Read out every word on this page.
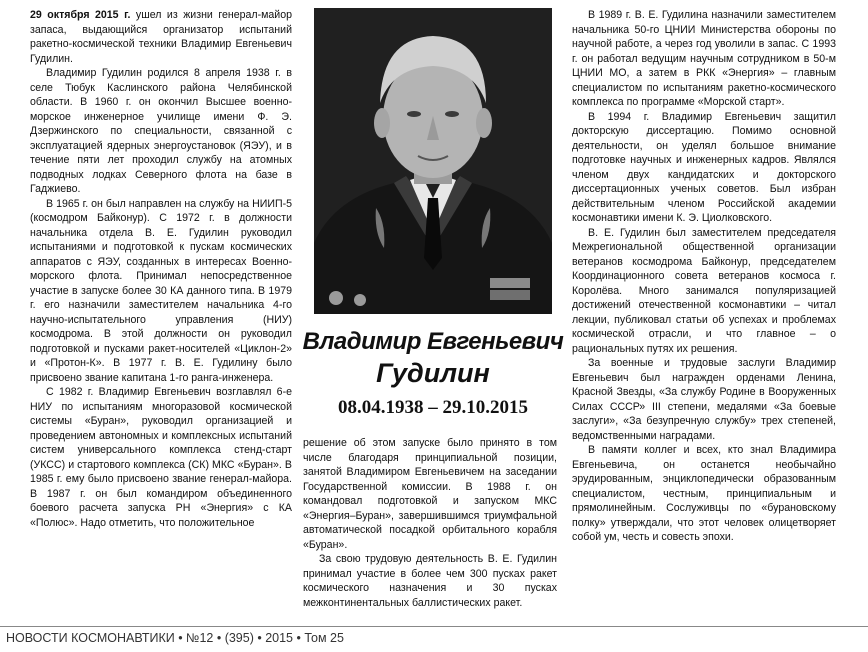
29 октября 2015 г. ушел из жизни генерал-майор запаса, выдающийся организатор испытаний ракетно-космической техники Владимир Евгеньевич Гудилин.

Владимир Гудилин родился 8 апреля 1938 г. в селе Тюбук Каслинского района Челябинской области. В 1960 г. он окончил Высшее военно-морское инженерное училище имени Ф. Э. Дзержинского по специальности, связанной с эксплуатацией ядерных энергоустановок (ЯЭУ), и в течение пяти лет проходил службу на атомных подводных лодках Северного флота на базе в Гаджиево.

В 1965 г. он был направлен на службу на НИИП-5 (космодром Байконур). С 1972 г. в должности начальника отдела В. Е. Гудилин руководил испытаниями и подготовкой к пускам космических аппаратов с ЯЭУ, созданных в интересах Военно-морского флота. Принимал непосредственное участие в запуске более 30 КА данного типа. В 1979 г. его назначили заместителем начальника 4-го научно-испытательного управления (НИУ) космодрома. В этой должности он руководил подготовкой и пусками ракет-носителей «Циклон-2» и «Протон-К». В 1977 г. В. Е. Гудилину было присвоено звание капитана 1-го ранга-инженера.

С 1982 г. Владимир Евгеньевич возглавлял 6-е НИУ по испытаниям многоразовой космической системы «Буран», руководил организацией и проведением автономных и комплексных испытаний систем универсального комплекса стенд-старт (УКСС) и стартового комплекса (СК) МКС «Буран». В 1985 г. ему было присвоено звание генерал-майора. В 1987 г. он был командиром объединенного боевого расчета запуска РН «Энергия» с КА «Полюс». Надо отметить, что положительное

Владимир Евгеньевич
Гудилин
08.04.1938 – 29.10.2015

решение об этом запуске было принято в том числе благодаря принципиальной позиции, занятой Владимиром Евгеньевичем на заседании Государственной комиссии. В 1988 г. он командовал подготовкой и запуском МКС «Энергия–Буран», завершившимся триумфальной автоматической посадкой орбитального корабля «Буран».

За свою трудовую деятельность В. Е. Гудилин принимал участие в более чем 300 пусках ракет космического назначения и 30 пусках межконтинентальных баллистических ракет.

В 1989 г. В. Е. Гудилина назначили заместителем начальника 50-го ЦНИИ Министерства обороны по научной работе, а через год уволили в запас. С 1993 г. он работал ведущим научным сотрудником в 50-м ЦНИИ МО, а затем в РКК «Энергия» – главным специалистом по испытаниям ракетно-космического комплекса по программе «Морской старт».

В 1994 г. Владимир Евгеньевич защитил докторскую диссертацию. Помимо основной деятельности, он уделял большое внимание подготовке научных и инженерных кадров. Являлся членом двух кандидатских и докторского диссертационных ученых советов. Был избран действительным членом Российской академии космонавтики имени К. Э. Циолковского.

В. Е. Гудилин был заместителем председателя Межрегиональной общественной организации ветеранов космодрома Байконур, председателем Координационного совета ветеранов космоса г. Королёва. Много занимался популяризацией достижений отечественной космонавтики – читал лекции, публиковал статьи об успехах и проблемах космической отрасли, и что главное – о рациональных путях их решения.

За военные и трудовые заслуги Владимир Евгеньевич был награжден орденами Ленина, Красной Звезды, «За службу Родине в Вооруженных Силах СССР» III степени, медалями «За боевые заслуги», «За безупречную службу» трех степеней, ведомственными наградами.

В памяти коллег и всех, кто знал Владимира Евгеньевича, он останется необычайно эрудированным, энциклопедически образованным специалистом, честным, принципиальным и прямолинейным. Сослуживцы по «бурановскому полку» утверждали, что этот человек олицетворяет собой ум, честь и совесть эпохи.

НОВОСТИ КОСМОНАВТИКИ • №12 • (395) • 2015 • Том 25
